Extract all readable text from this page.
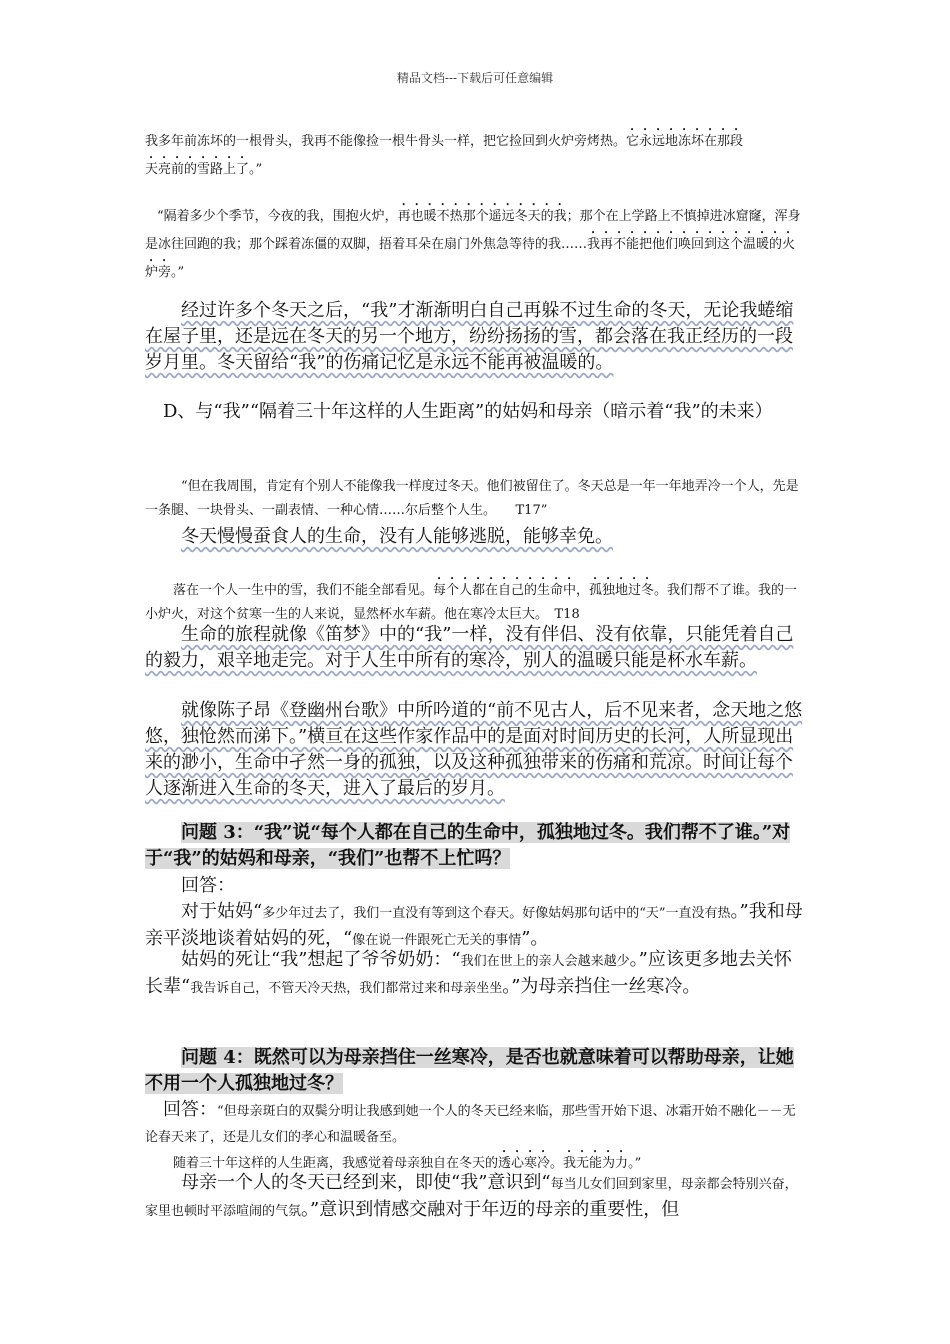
精品文档---下载后可任意编辑
我多年前冻坏的一根骨头，我再不能像捡一根牛骨头一样，把它捡回到火炉旁烤热。它永远地冻坏在那段
天亮前的雪路上了。”
“隔着多少个季节，今夜的我，围抱火炉，再也暖不热那个遥远冬天的我；那个在上学路上不慎掉进冰窟窿，浑身是冰往回跑的我；那个踩着冻僵的双脚，捂着耳朵在扇门外焦急等待的我……我再不能把他们唤回到这个温暖的火炉旁。”
经过许多个冬天之后，“我”才渐渐明白自己再躲不过生命的冬天，无论我蜷缩在屋子里，还是远在冬天的另一个地方，纷纷扬扬的雪，都会落在我正经历的一段岁月里。冬天留给“我”的伤痛记忆是永远不能再被温暖的。
D、与“我”“隔着三十年这样的人生距离”的姑妈和母亲（暗示着“我”的未来）
“但在我周围，肯定有个别人不能像我一样度过冬天。他们被留住了。冬天总是一年一年地弄冷一个人，先是一条腿、一块骨头、一副表情、一种心情……尔后整个人生。　　T17”
冬天慢慢蚕食人的生命，没有人能够逃脱，能够幸免。
落在一个人一生中的雪，我们不能全部看见。每个人都在自己的生命中，孤独地过冬。我们帮不了谁。我的一小炉火，对这个贫寒一生的人来说，显然杯水车薪。他在寒冷太巨大。　T18
生命的旅程就像《笛梦》中的“我”一样，没有伴侣、没有依靠，只能凭着自己的毅力，艰辛地走完。对于人生中所有的寒冷，别人的温暖只能是杯水车薪。
就像陈子昂《登幽州台歌》中所吟道的“前不见古人，后不见来者，念天地之悠悠，独怆然而涕下。”横亘在这些作家作品中的是面对时间历史的长河，人所显现出来的渺小，生命中孑然一身的孤独，以及这种孤独带来的伤痛和荒凉。时间让每个人逐渐进入生命的冬天，进入了最后的岁月。
问题 3：“我”说“每个人都在自己的生命中，孤独地过冬。我们帮不了谁。”对于“我”的姑妈和母亲，“我们”也帮不上忙吗？
回答：
对于姑妈“多少年过去了，我们一直没有等到这个春天。好像姑妈那句话中的“天”一直没有热。”我和母亲平淡地谈着姑妈的死，“像在说一件跟死亡无关的事情”。
姑妈的死让“我”想起了爷爷奶奶：“我们在世上的亲人会越来越少。”应该更多地去关怀长辈“我告诉自己，不管天冷天热，我们都常过来和母亲坐坐。”为母亲挡住一丝寒冷。
问题 4：既然可以为母亲挡住一丝寒冷，是否也就意味着可以帮助母亲，让她不用一个人孤独地过冬？
回答：“但母亲斑白的双鬓分明让我感到她一个人的冬天已经来临，那些雪开始下退、冰霜开始不融化－－无论春天来了，还是儿女们的孝心和温暖备至。
随着三十年这样的人生距离，我感觉着母亲独自在冬天的透心寒冷。我无能为力。”
母亲一个人的冬天已经到来，即使“我”意识到“每当儿女们回到家里，母亲都会特别兴奋，家里也顿时平添喧闹的气氛。”意识到情感交融对于年迈的母亲的重要性，但
